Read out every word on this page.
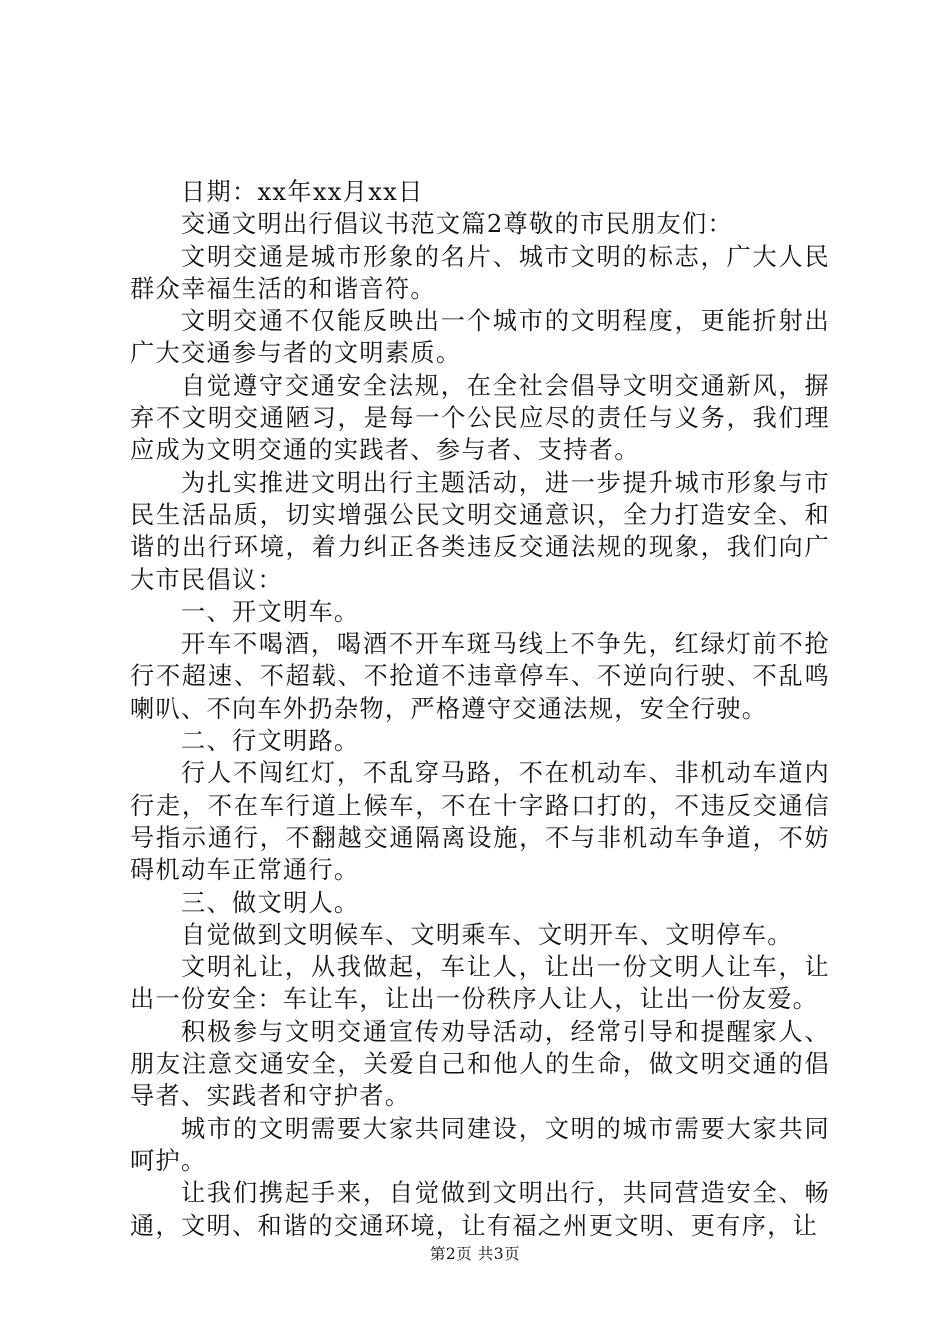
日期：xx年xx月xx日

交通文明出行倡议书范文篇2尊敬的市民朋友们：

文明交通是城市形象的名片、城市文明的标志，广大人民群众幸福生活的和谐音符。

文明交通不仅能反映出一个城市的文明程度，更能折射出广大交通参与者的文明素质。

自觉遵守交通安全法规，在全社会倡导文明交通新风，摒弃不文明交通陋习，是每一个公民应尽的责任与义务，我们理应成为文明交通的实践者、参与者、支持者。

为扎实推进文明出行主题活动，进一步提升城市形象与市民生活品质，切实增强公民文明交通意识，全力打造安全、和谐的出行环境，着力纠正各类违反交通法规的现象，我们向广大市民倡议：

一、开文明车。

开车不喝酒，喝酒不开车斑马线上不争先，红绿灯前不抢行不超速、不超载、不抢道不违章停车、不逆向行驶、不乱鸣喇叭、不向车外扔杂物，严格遵守交通法规，安全行驶。

二、行文明路。

行人不闯红灯，不乱穿马路，不在机动车、非机动车道内行走，不在车行道上候车，不在十字路口打的，不违反交通信号指示通行，不翻越交通隔离设施，不与非机动车争道，不妨碍机动车正常通行。

三、做文明人。

自觉做到文明候车、文明乘车、文明开车、文明停车。

文明礼让，从我做起，车让人，让出一份文明人让车，让出一份安全：车让车，让出一份秩序人让人，让出一份友爱。

积极参与文明交通宣传劝导活动，经常引导和提醒家人、朋友注意交通安全，关爱自己和他人的生命，做文明交通的倡导者、实践者和守护者。

城市的文明需要大家共同建设，文明的城市需要大家共同呵护。

让我们携起手来，自觉做到文明出行，共同营造安全、畅通，文明、和谐的交通环境，让有福之州更文明、更有序，让

第2页 共3页
